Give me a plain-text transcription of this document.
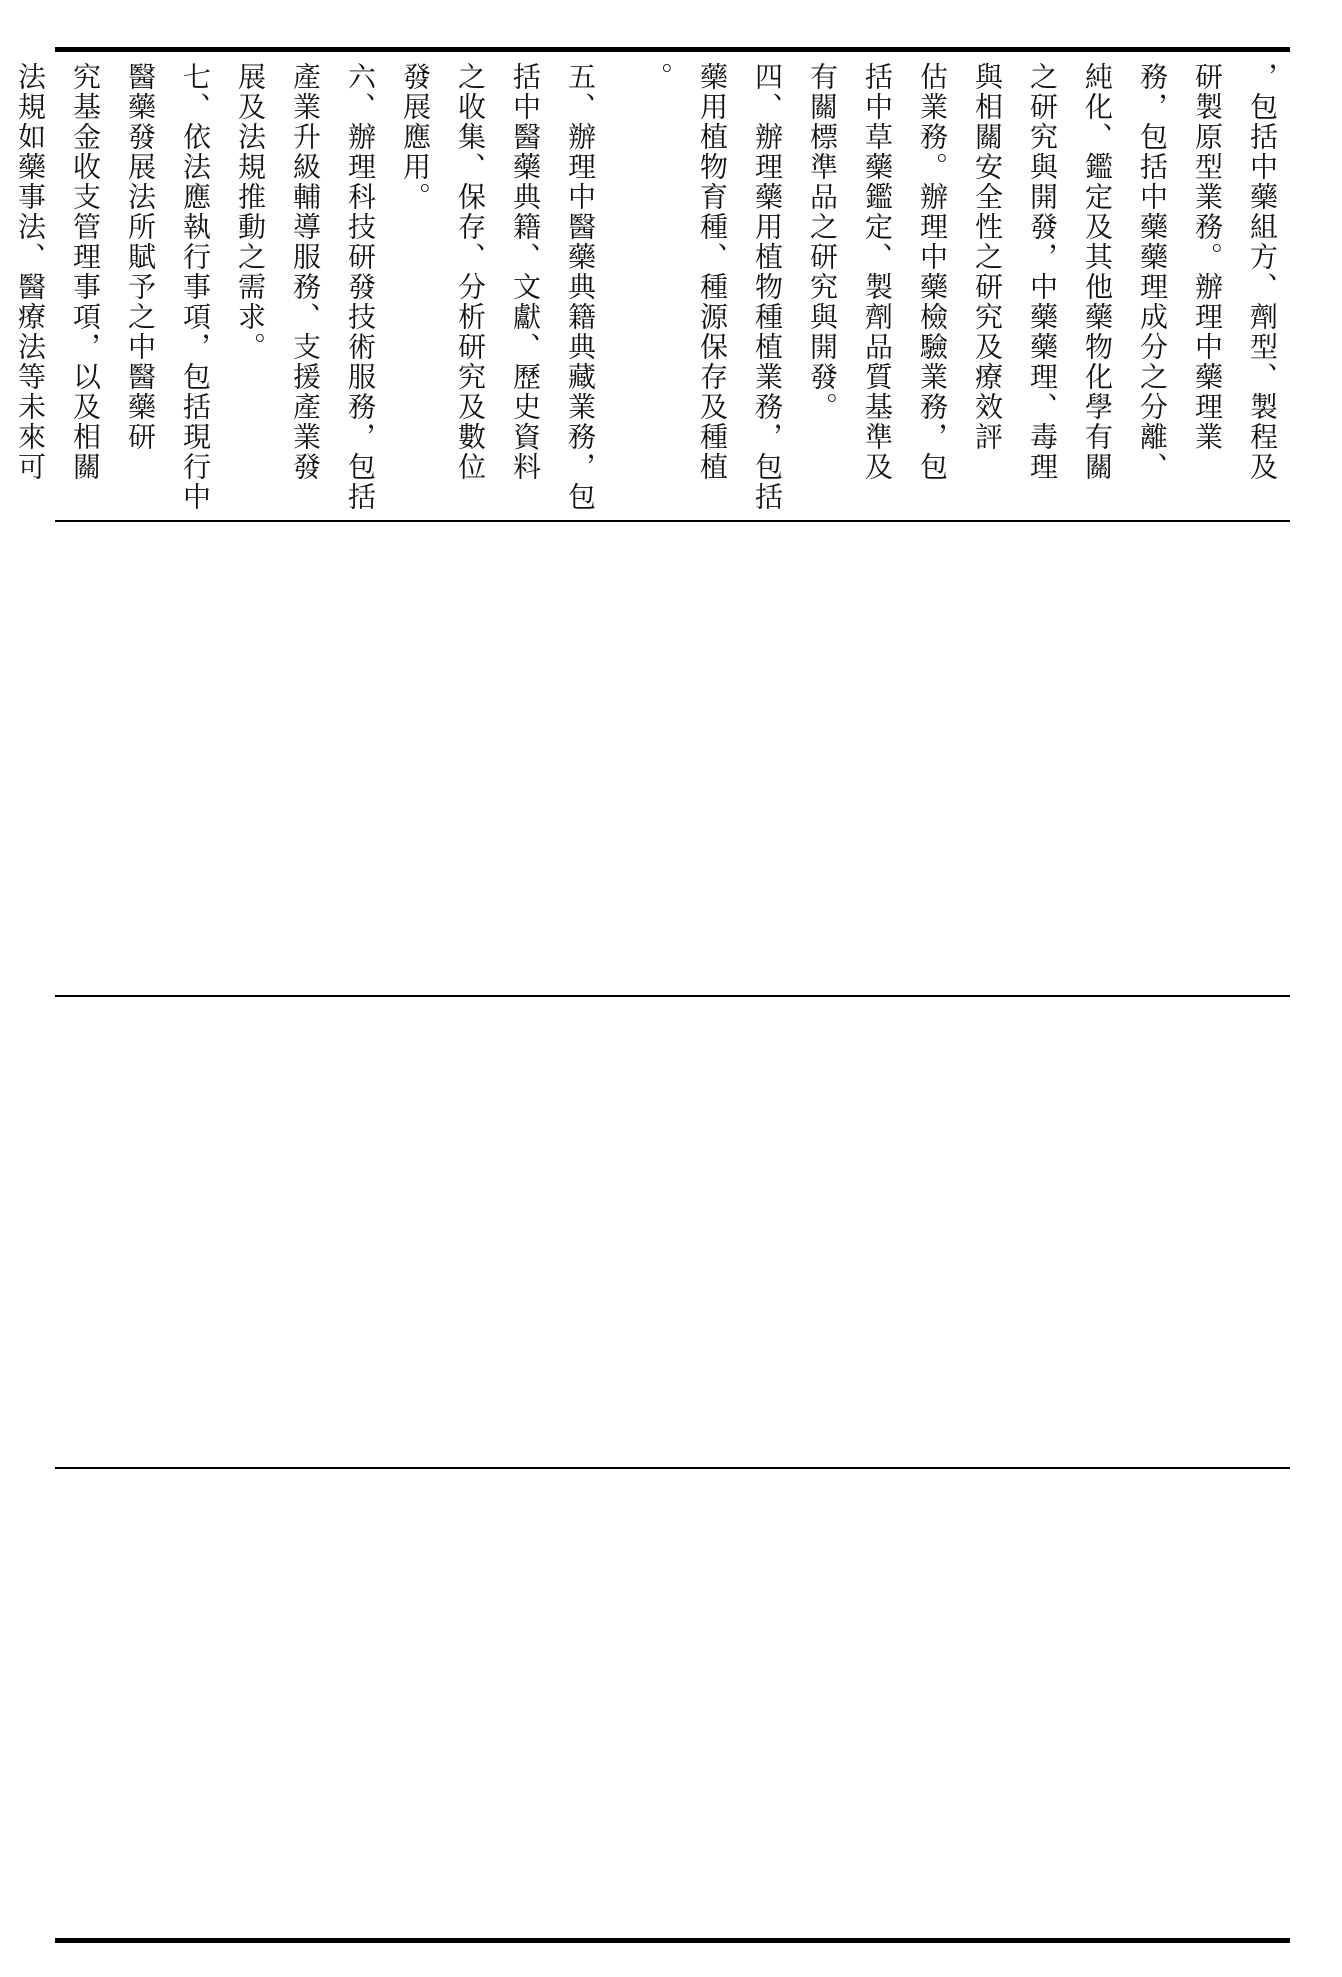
，包括中藥組方、劑型、製程及
研製原型業務。辦理中藥理業
務，包括中藥藥理成分之分離、
純化、鑑定及其他藥物化學有關
之研究與開發，中藥藥理、毒理
與相關安全性之研究及療效評
估業務。辦理中藥檢驗業務，包
括中草藥鑑定、製劑品質基準及
有關標準品之研究與開發。
四、辦理藥用植物種植業務，包括
藥用植物育種、種源保存及種植
。
五、辦理中醫藥典籍典藏業務，包
括中醫藥典籍、文獻、歷史資料
之收集、保存、分析研究及數位
發展應用。
六、辦理科技研發技術服務，包括
產業升級輔導服務、支援產業發
展及法規推動之需求。
七、依法應執行事項，包括現行中
醫藥發展法所賦予之中醫藥研
究基金收支管理事項，以及相關
法規如藥事法、醫療法等未來可
